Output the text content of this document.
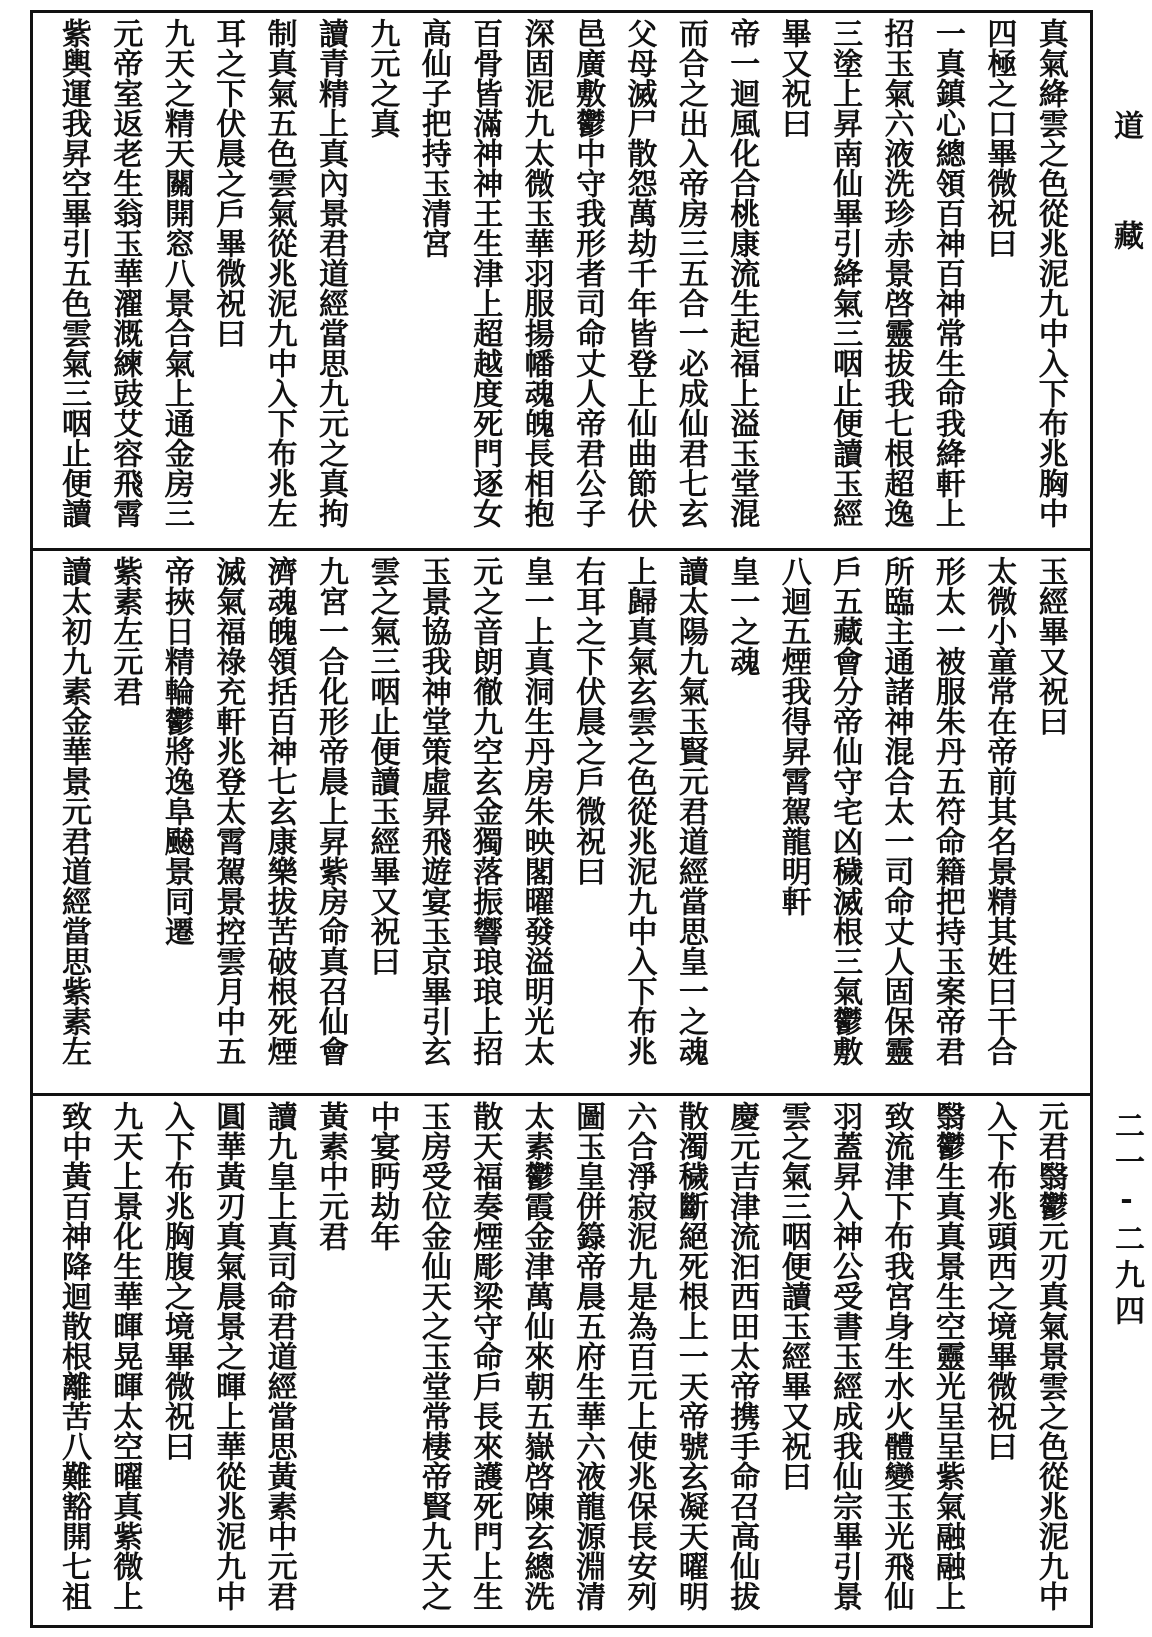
道藏
二一-二九四
真氣絳雲之色從兆泥九中入下布兆胸中
四極之口畢微祝曰
一真鎮心總領百神百神常生命我絳軒上
招玉氣六液洗珍赤景啓靈拔我七根超逸
三塗上昇南仙畢引絳氣三咽止便讀玉經
畢又祝曰
帝一迴風化合桃康流生起福上溢玉堂混
而合之出入帝房三五合一必成仙君七玄
父母滅尸散怨萬劫千年皆登上仙曲節伏
邑廣敷鬱中守我形者司命丈人帝君公子
深固泥九太微玉華羽服揚幡魂魄長相抱
百骨皆滿神神王生津上超越度死門逐女
高仙子把持玉清宮
九元之真
讀青精上真內景君道經當思九元之真拘
制真氣五色雲氣從兆泥九中入下布兆左
耳之下伏晨之戶畢微祝曰
九天之精天關開窓八景合氣上通金房三
元帝室返老生翁玉華濯溉練豉艾容飛霄
紫輿運我昇空畢引五色雲氣三咽止便讀
玉經畢又祝曰
太微小童常在帝前其名景精其姓曰干合
形太一被服朱丹五符命籍把持玉案帝君
所臨主通諸神混合太一司命丈人固保靈
戶五藏會分帝仙守宅凶穢滅根三氣鬱敷
八迴五煙我得昇霄駕龍明軒
皇一之魂
讀太陽九氣玉賢元君道經當思皇一之魂
上歸真氣玄雲之色從兆泥九中入下布兆
右耳之下伏晨之戶微祝曰
皇一上真洞生丹房朱映閣曜發溢明光太
元之音朗徹九空玄金獨落振響琅琅上招
玉景協我神堂策虛昇飛遊宴玉京畢引玄
雲之氣三咽止便讀玉經畢又祝曰
九宮一合化形帝晨上昇紫房命真召仙會
濟魂魄領括百神七玄康樂拔苦破根死煙
滅氣福祿充軒兆登太霄駕景控雲月中五
帝挾日精輪鬱將逸阜飇景同遷
紫素左元君
讀太初九素金華景元君道經當思紫素左
元君翳鬱元刃真氣景雲之色從兆泥九中
入下布兆頭西之境畢微祝曰
翳鬱生真真景生空靈光呈呈紫氣融融上
致流津下布我宮身生水火體變玉光飛仙
羽蓋昇入神公受書玉經成我仙宗畢引景
雲之氣三咽便讀玉經畢又祝曰
慶元吉津流汩西田太帝携手命召高仙拔
散濁穢斷絕死根上一天帝號玄凝天曜明
六合淨寂泥九是為百元上使兆保長安列
圖玉皇併籙帝晨五府生華六液龍源淵清
太素鬱霞金津萬仙來朝五嶽啓陳玄總洗
散天福奏煙彫梁守命戶長來護死門上生
玉房受位金仙天之玉堂常棲帝賢九天之
中宴眄劫年
黃素中元君
讀九皇上真司命君道經當思黃素中元君
圓華黃刃真氣晨景之暉上華從兆泥九中
入下布兆胸腹之境畢微祝曰
九天上景化生華暉晃暉太空曜真紫微上
致中黃百神降迴散根離苦八難豁開七祖
